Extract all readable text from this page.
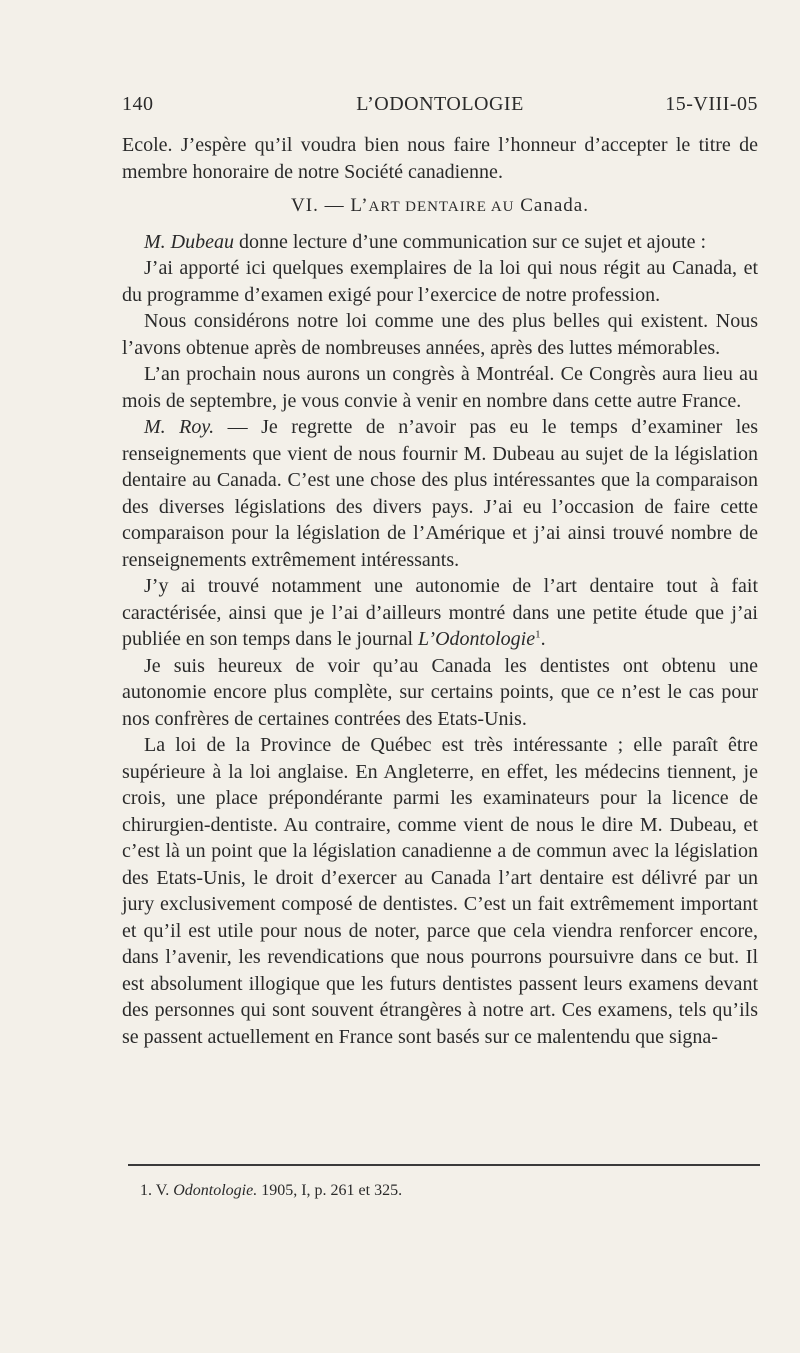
140	L’ODONTOLOGIE	15-VIII-05

Ecole. J’espère qu’il voudra bien nous faire l’honneur d’accepter le titre de membre honoraire de notre Société canadienne.

VI. — L’ART DENTAIRE AU Canada.

M. Dubeau donne lecture d’une communication sur ce sujet et ajoute :

J’ai apporté ici quelques exemplaires de la loi qui nous régit au Canada, et du programme d’examen exigé pour l’exercice de notre profession.

Nous considérons notre loi comme une des plus belles qui existent. Nous l’avons obtenue après de nombreuses années, après des luttes mémorables.

L’an prochain nous aurons un congrès à Montréal. Ce Congrès aura lieu au mois de septembre, je vous convie à venir en nombre dans cette autre France.

M. Roy. — Je regrette de n’avoir pas eu le temps d’examiner les renseignements que vient de nous fournir M. Dubeau au sujet de la législation dentaire au Canada. C’est une chose des plus intéressantes que la comparaison des diverses législations des divers pays. J’ai eu l’occasion de faire cette comparaison pour la législation de l’Amérique et j’ai ainsi trouvé nombre de renseignements extrêmement intéressants.

J’y ai trouvé notamment une autonomie de l’art dentaire tout à fait caractérisée, ainsi que je l’ai d’ailleurs montré dans une petite étude que j’ai publiée en son temps dans le journal L’Odontologie$^1$.

Je suis heureux de voir qu’au Canada les dentistes ont obtenu une autonomie encore plus complète, sur certains points, que ce n’est le cas pour nos confrères de certaines contrées des Etats-Unis.

La loi de la Province de Québec est très intéressante ; elle paraît être supérieure à la loi anglaise. En Angleterre, en effet, les médecins tiennent, je crois, une place prépondérante parmi les examinateurs pour la licence de chirurgien-dentiste. Au contraire, comme vient de nous le dire M. Dubeau, et c’est là un point que la législation canadienne a de commun avec la législation des Etats-Unis, le droit d’exercer au Canada l’art dentaire est délivré par un jury exclusivement composé de dentistes. C’est un fait extrêmement important et qu’il est utile pour nous de noter, parce que cela viendra renforcer encore, dans l’avenir, les revendications que nous pourrons poursuivre dans ce but. Il est absolument illogique que les futurs dentistes passent leurs examens devant des personnes qui sont souvent étrangères à notre art. Ces examens, tels qu’ils se passent actuellement en France sont basés sur ce malentendu que signa-

1. V. Odontologie. 1905, I, p. 261 et 325.
